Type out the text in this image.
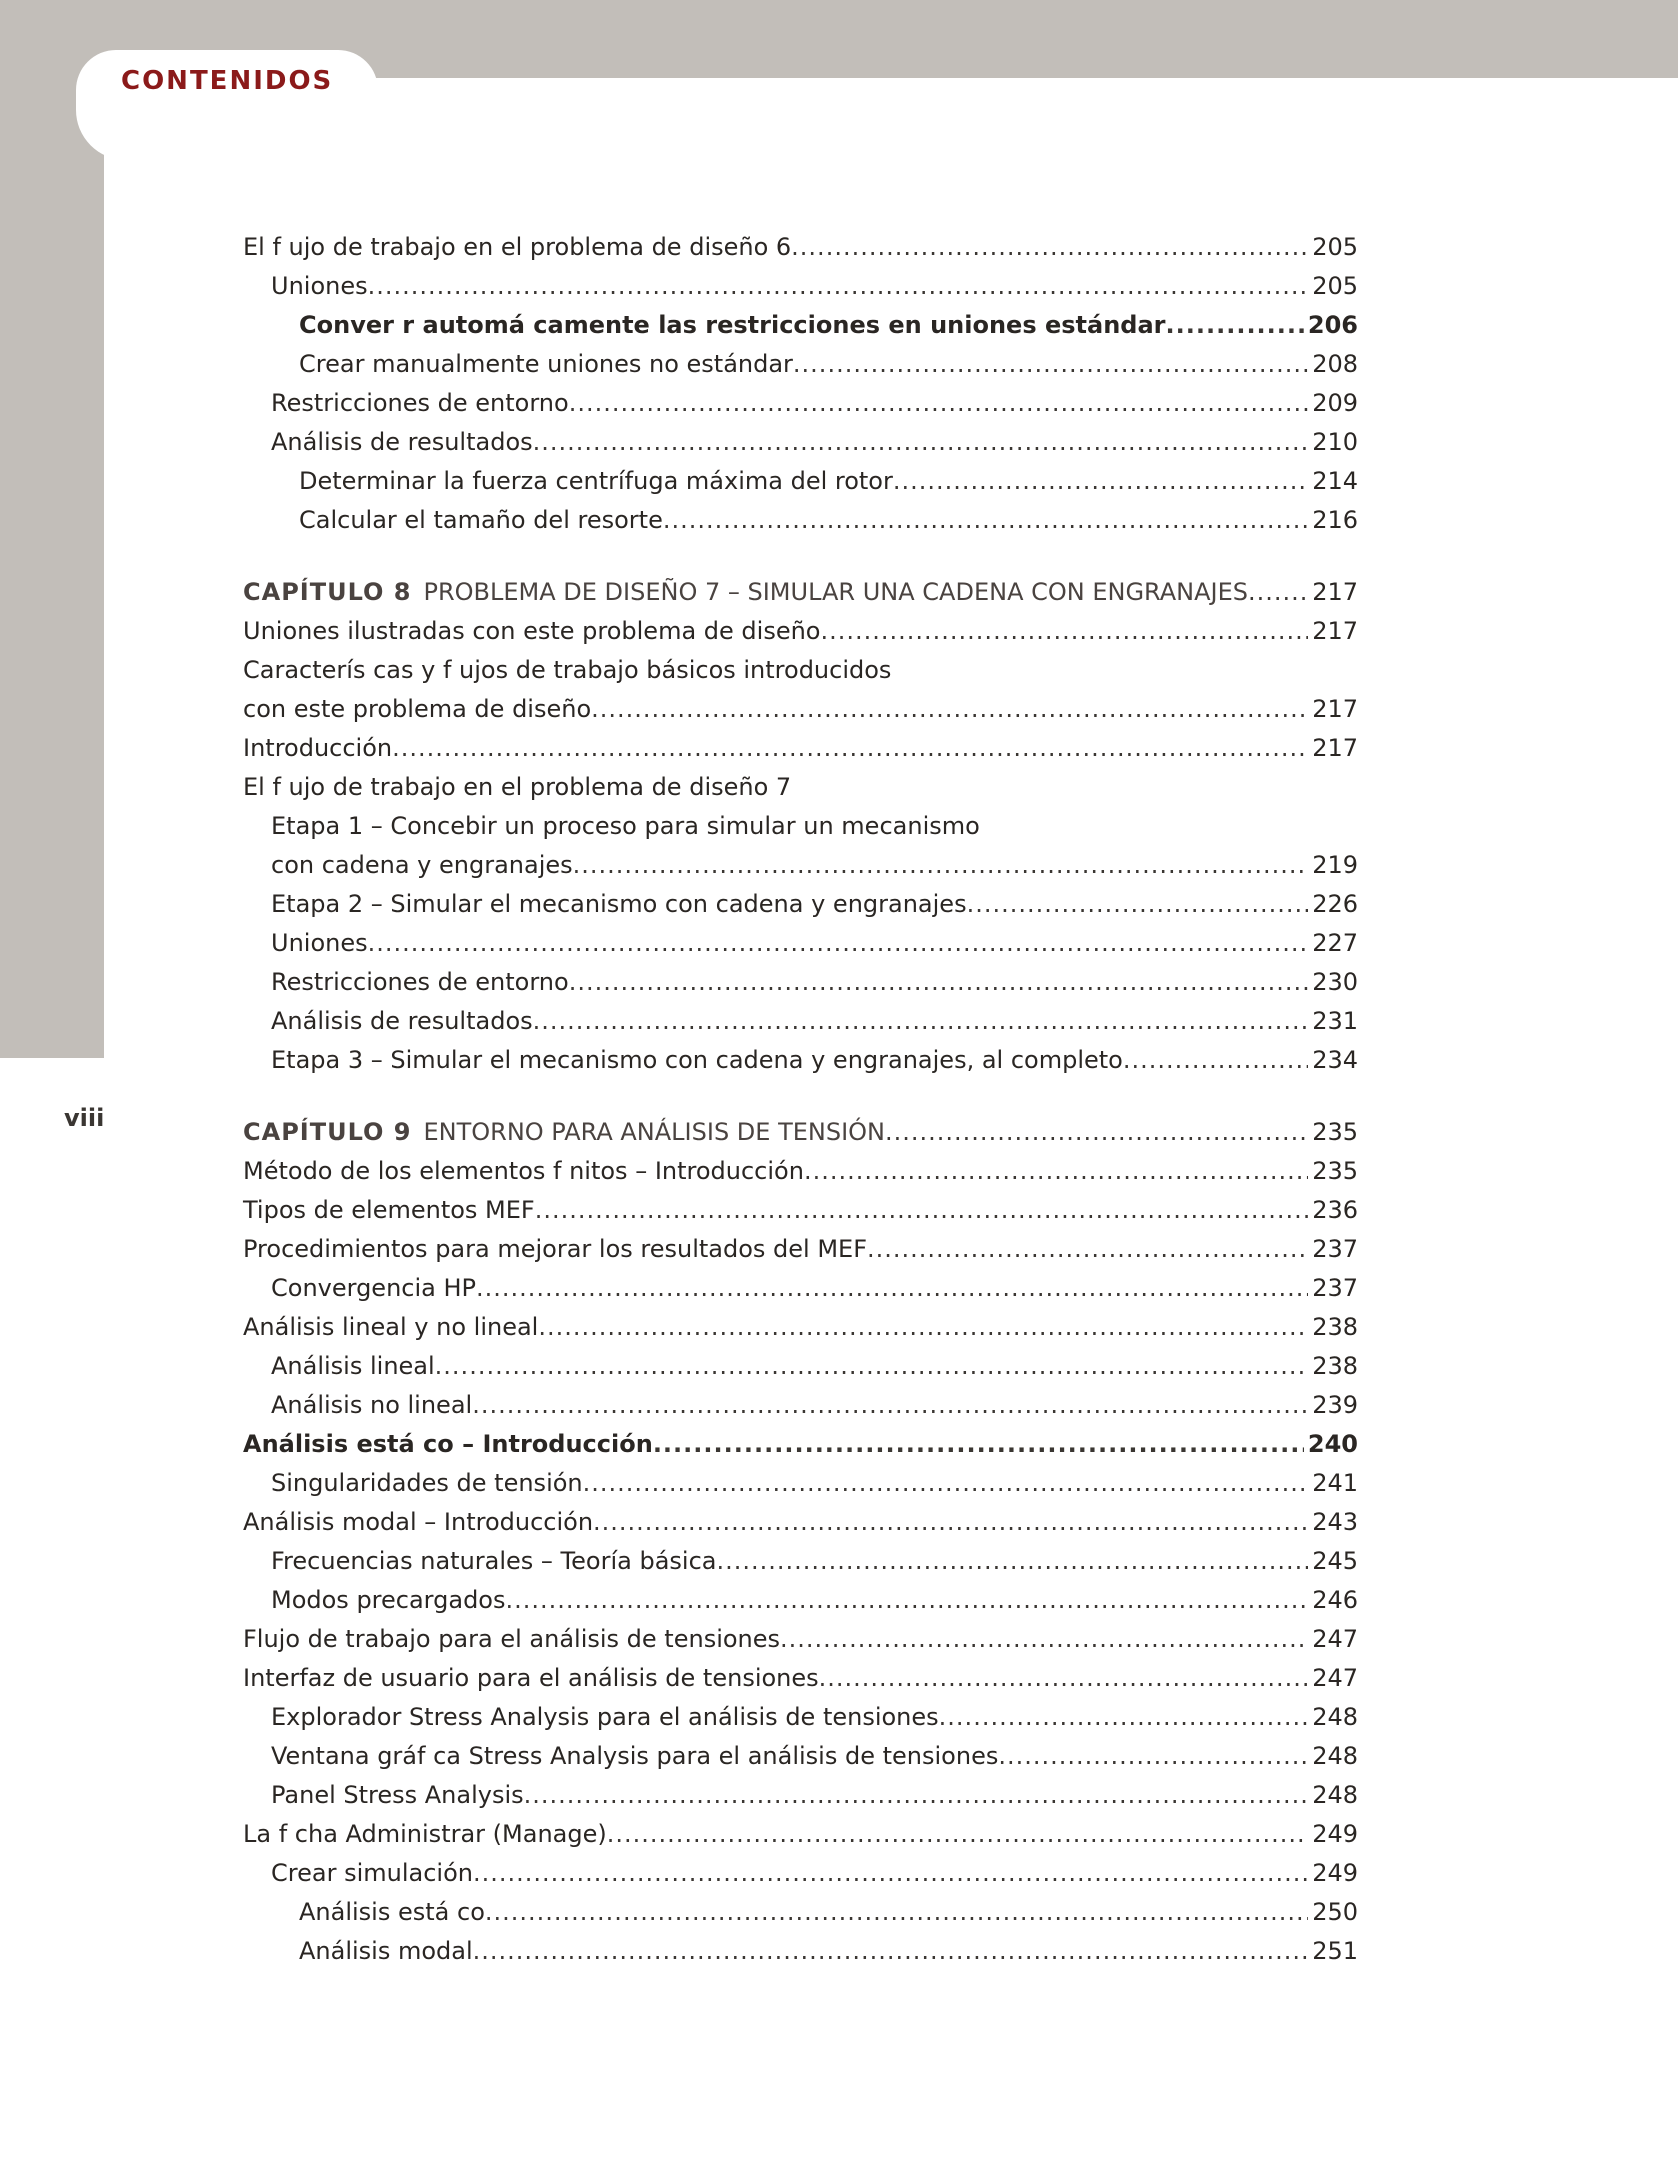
CONTENIDOS
viii
El f ujo de trabajo en el problema de diseño 6 .....	205
Uniones .....	205
Conver r automá camente las restricciones en uniones estándar .....	206
Crear manualmente uniones no estándar .....	208
Restricciones de entorno .....	209
Análisis de resultados .....	210
Determinar la fuerza centrífuga máxima del rotor .....	214
Calcular el tamaño del resorte .....	216
CAPÍTULO 8 PROBLEMA DE DISEÑO 7 – SIMULAR UNA CADENA CON ENGRANAJES .....	217
Uniones ilustradas con este problema de diseño .....	217
Caracterís cas y f ujos de trabajo básicos introducidos
con este problema de diseño .....	217
Introducción .....	217
El f ujo de trabajo en el problema de diseño 7
Etapa 1 – Concebir un proceso para simular un mecanismo
con cadena y engranajes .....	219
Etapa 2 – Simular el mecanismo con cadena y engranajes .....	226
Uniones .....	227
Restricciones de entorno .....	230
Análisis de resultados .....	231
Etapa 3 – Simular el mecanismo con cadena y engranajes, al completo .....	234
CAPÍTULO 9 ENTORNO PARA ANÁLISIS DE TENSIÓN .....	235
Método de los elementos f nitos – Introducción .....	235
Tipos de elementos MEF .....	236
Procedimientos para mejorar los resultados del MEF .....	237
Convergencia HP .....	237
Análisis lineal y no lineal .....	238
Análisis lineal .....	238
Análisis no lineal .....	239
Análisis está co – Introducción .....	240
Singularidades de tensión .....	241
Análisis modal – Introducción .....	243
Frecuencias naturales – Teoría básica .....	245
Modos precargados .....	246
Flujo de trabajo para el análisis de tensiones .....	247
Interfaz de usuario para el análisis de tensiones .....	247
Explorador Stress Analysis para el análisis de tensiones .....	248
Ventana gráf ca Stress Analysis para el análisis de tensiones .....	248
Panel Stress Analysis .....	248
La f cha Administrar (Manage) .....	249
Crear simulación .....	249
Análisis está co .....	250
Análisis modal .....	251
